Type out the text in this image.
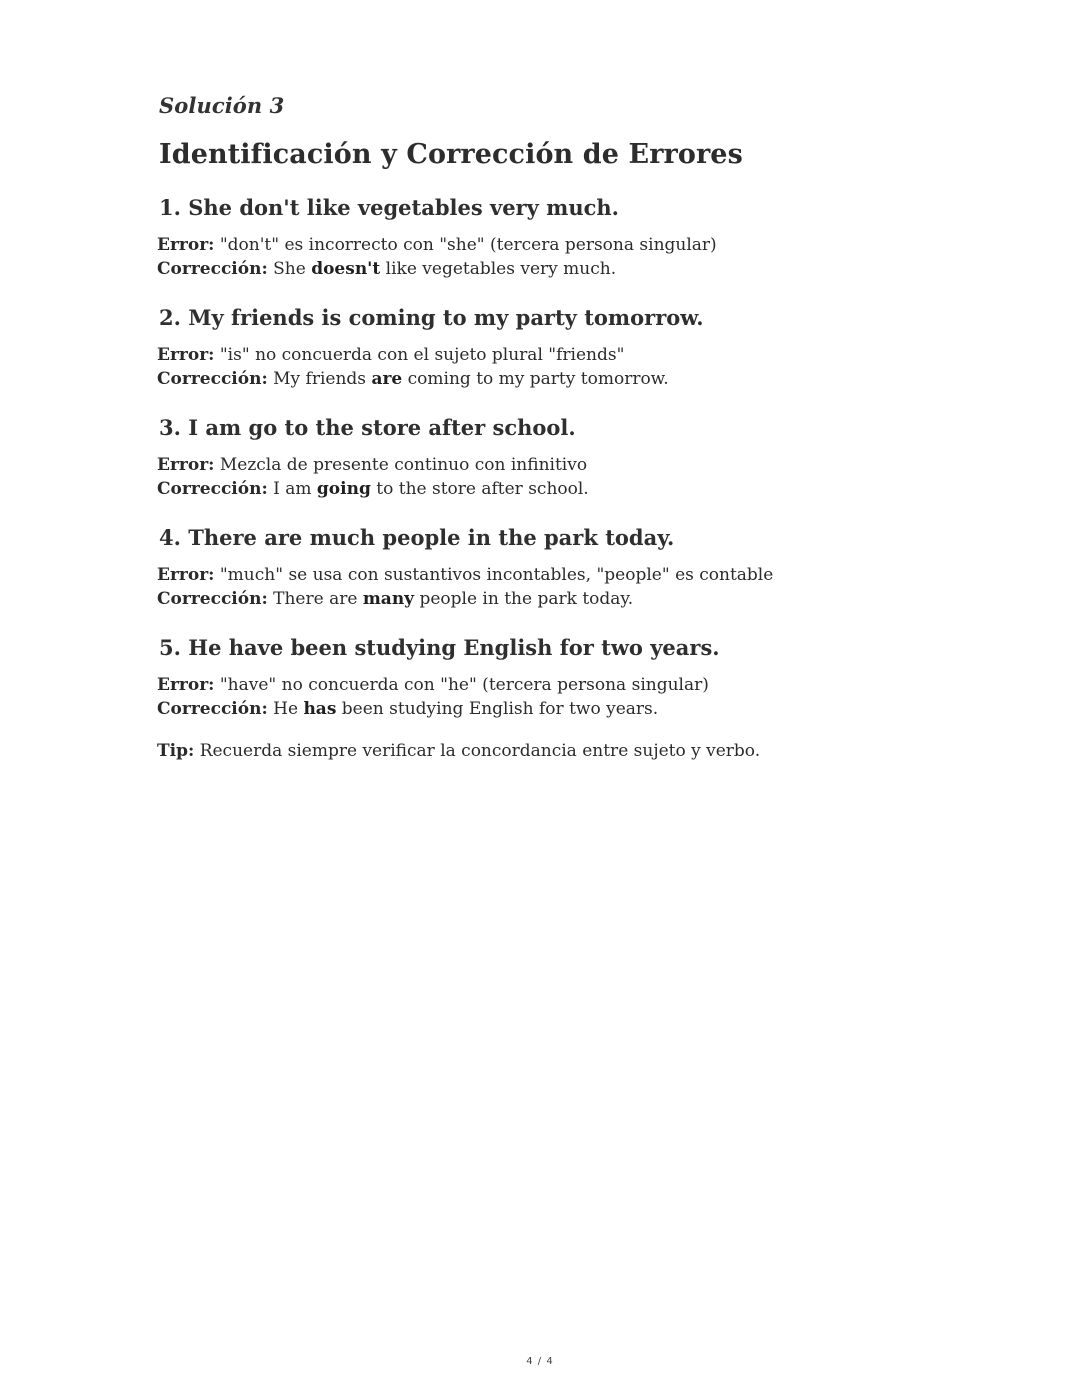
Solución 3
Identificación y Corrección de Errores
1. She don't like vegetables very much.
Error: "don't" es incorrecto con "she" (tercera persona singular)
Corrección: She doesn't like vegetables very much.
2. My friends is coming to my party tomorrow.
Error: "is" no concuerda con el sujeto plural "friends"
Corrección: My friends are coming to my party tomorrow.
3. I am go to the store after school.
Error: Mezcla de presente continuo con infinitivo
Corrección: I am going to the store after school.
4. There are much people in the park today.
Error: "much" se usa con sustantivos incontables, "people" es contable
Corrección: There are many people in the park today.
5. He have been studying English for two years.
Error: "have" no concuerda con "he" (tercera persona singular)
Corrección: He has been studying English for two years.
Tip: Recuerda siempre verificar la concordancia entre sujeto y verbo.
4 / 4
